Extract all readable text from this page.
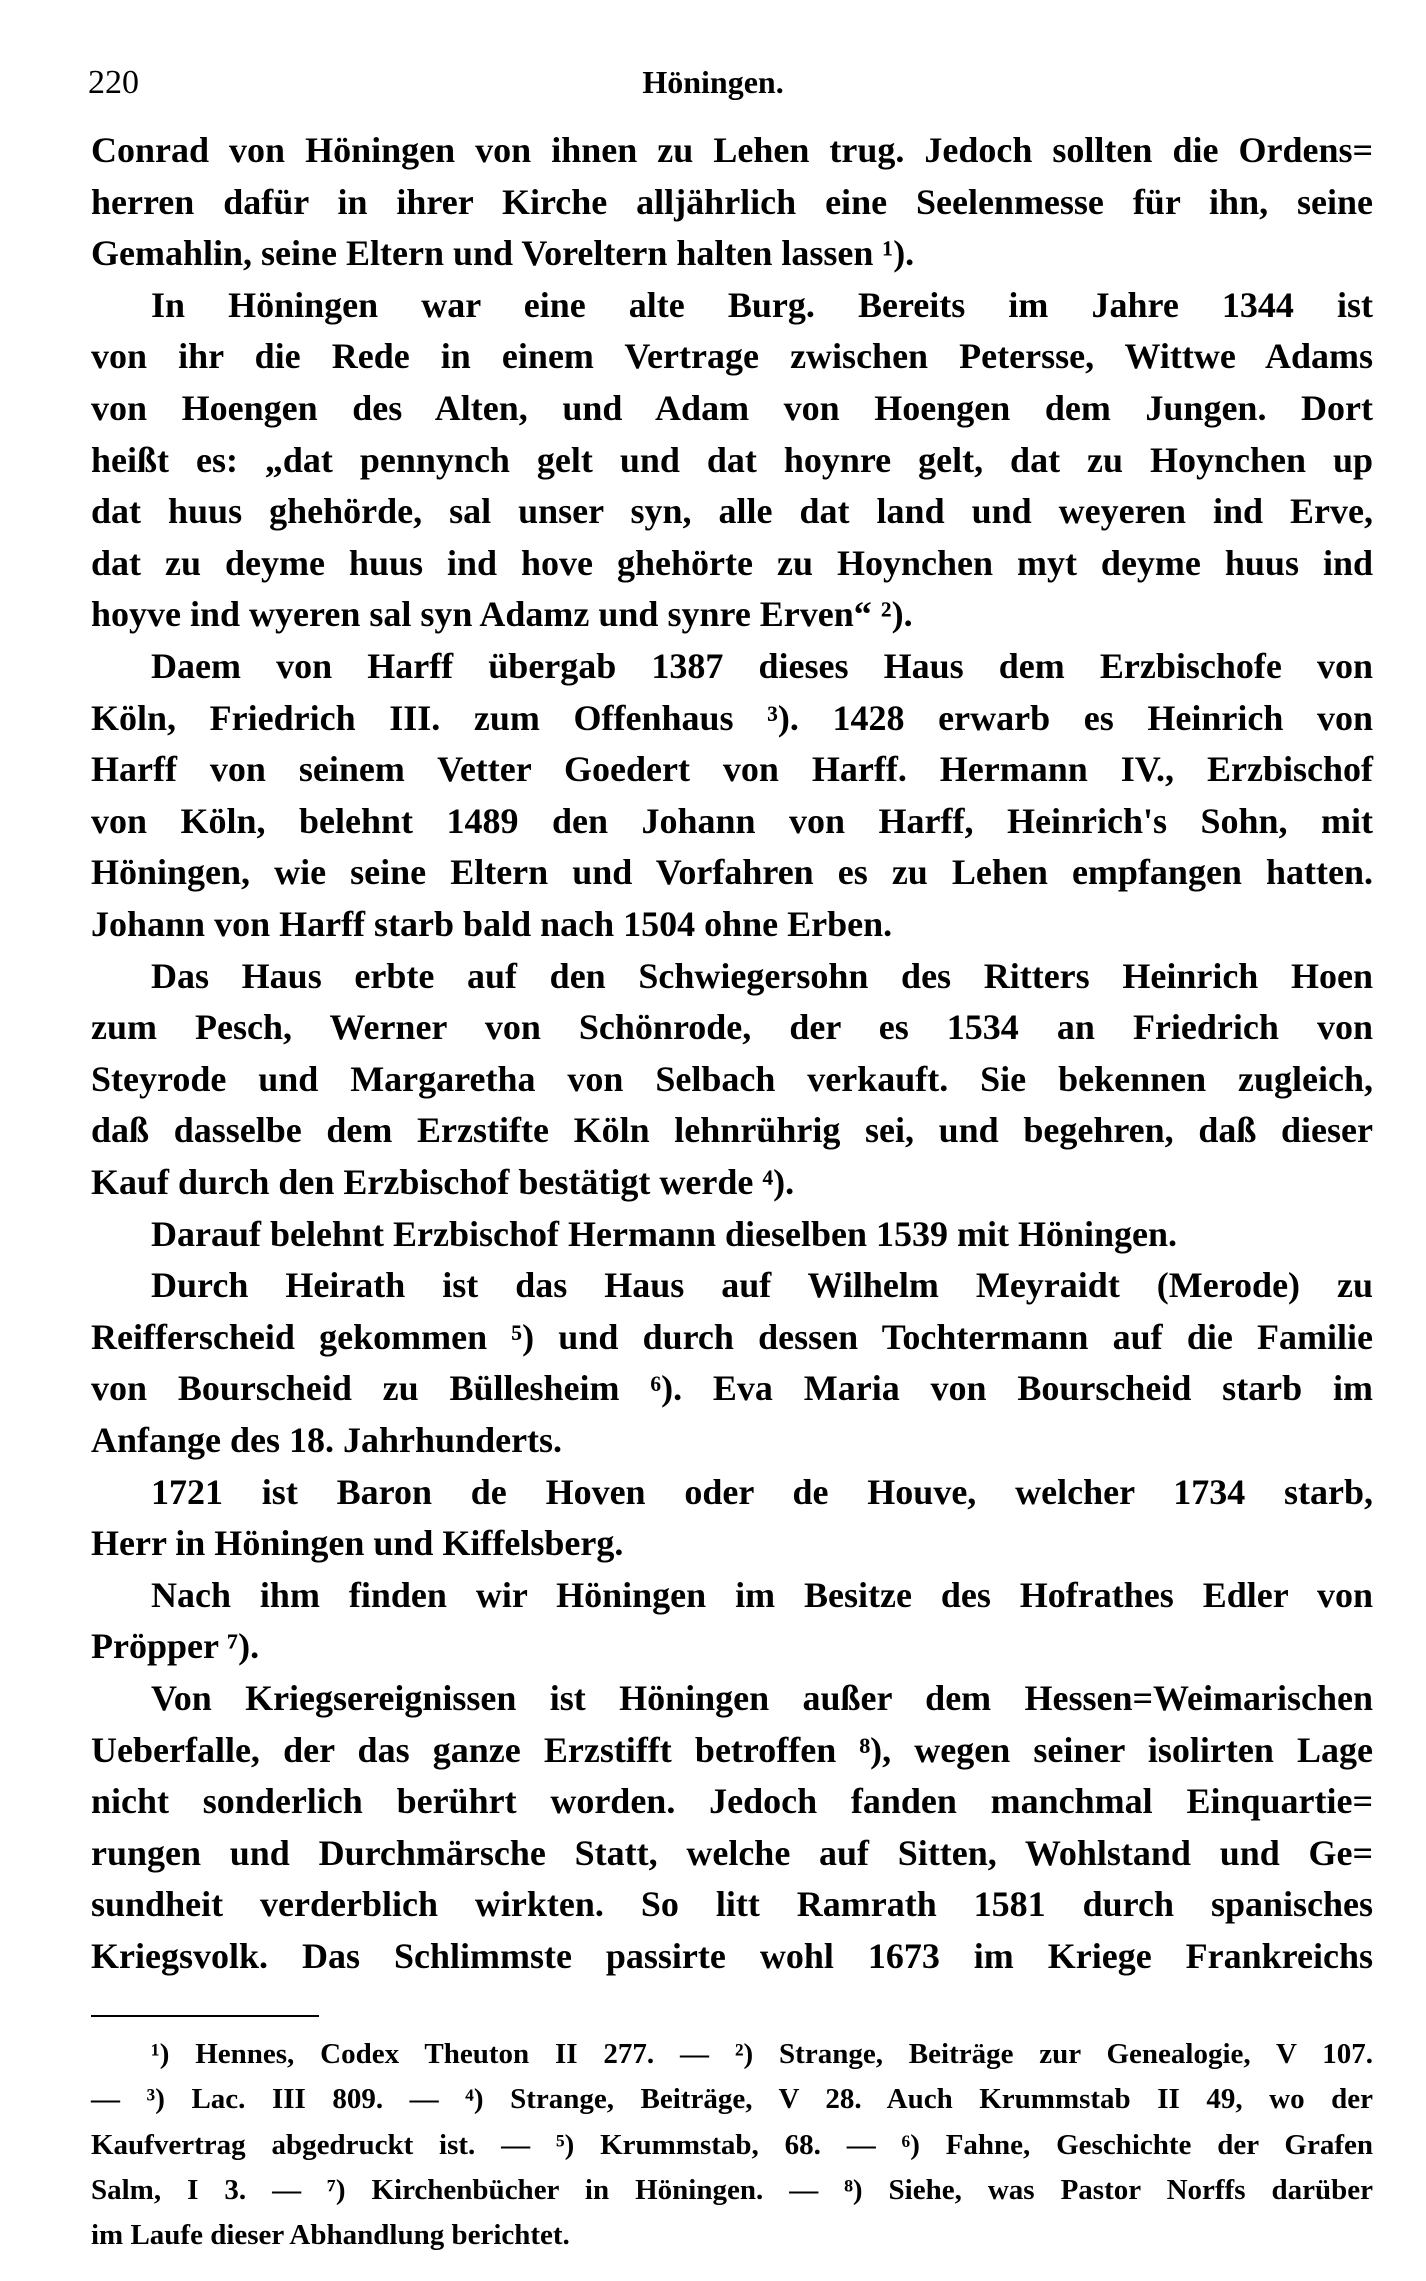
220	Höningen.
Conrad von Höningen von ihnen zu Lehen trug. Jedoch sollten die Ordens=
herren dafür in ihrer Kirche alljährlich eine Seelenmesse für ihn, seine
Gemahlin, seine Eltern und Voreltern halten lassen ¹).
In Höningen war eine alte Burg. Bereits im Jahre 1344 ist
von ihr die Rede in einem Vertrage zwischen Petersse, Wittwe Adams
von Hoengen des Alten, und Adam von Hoengen dem Jungen. Dort
heißt es: „dat pennynch gelt und dat hoynre gelt, dat zu Hoynchen up
dat huus ghehörde, sal unser syn, alle dat land und weyeren ind Erve,
dat zu deyme huus ind hove ghehörte zu Hoynchen myt deyme huus ind
hoyve ind wyeren sal syn Adamz und synre Erven“ ²).
Daem von Harff übergab 1387 dieses Haus dem Erzbischofe von
Köln, Friedrich III. zum Offenhaus ³). 1428 erwarb es Heinrich von
Harff von seinem Vetter Goedert von Harff. Hermann IV., Erzbischof
von Köln, belehnt 1489 den Johann von Harff, Heinrich's Sohn, mit
Höningen, wie seine Eltern und Vorfahren es zu Lehen empfangen hatten.
Johann von Harff starb bald nach 1504 ohne Erben.
Das Haus erbte auf den Schwiegersohn des Ritters Heinrich Hoen
zum Pesch, Werner von Schönrode, der es 1534 an Friedrich von
Steyrode und Margaretha von Selbach verkauft. Sie bekennen zugleich,
daß dasselbe dem Erzstifte Köln lehnrührig sei, und begehren, daß dieser
Kauf durch den Erzbischof bestätigt werde ⁴).
Darauf belehnt Erzbischof Hermann dieselben 1539 mit Höningen.
Durch Heirath ist das Haus auf Wilhelm Meyraidt (Merode) zu
Reifferscheid gekommen ⁵) und durch dessen Tochtermann auf die Familie
von Bourscheid zu Büllesheim ⁶). Eva Maria von Bourscheid starb im
Anfange des 18. Jahrhunderts.
1721 ist Baron de Hoven oder de Houve, welcher 1734 starb,
Herr in Höningen und Kiffelsberg.
Nach ihm finden wir Höningen im Besitze des Hofrathes Edler von
Pröpper ⁷).
Von Kriegsereignissen ist Höningen außer dem Hessen=Weimarischen
Ueberfalle, der das ganze Erzstifft betroffen ⁸), wegen seiner isolirten Lage
nicht sonderlich berührt worden. Jedoch fanden manchmal Einquartie=
rungen und Durchmärsche Statt, welche auf Sitten, Wohlstand und Ge=
sundheit verderblich wirkten. So litt Ramrath 1581 durch spanisches
Kriegsvolk. Das Schlimmste passirte wohl 1673 im Kriege Frankreichs
¹) Hennes, Codex Theuton II 277. — ²) Strange, Beiträge zur Genealogie, V 107.
— ³) Lac. III 809. — ⁴) Strange, Beiträge, V 28. Auch Krummstab II 49, wo der
Kaufvertrag abgedruckt ist. — ⁵) Krummstab, 68. — ⁶) Fahne, Geschichte der Grafen
Salm, I 3. — ⁷) Kirchenbücher in Höningen. — ⁸) Siehe, was Pastor Norffs darüber
im Laufe dieser Abhandlung berichtet.
